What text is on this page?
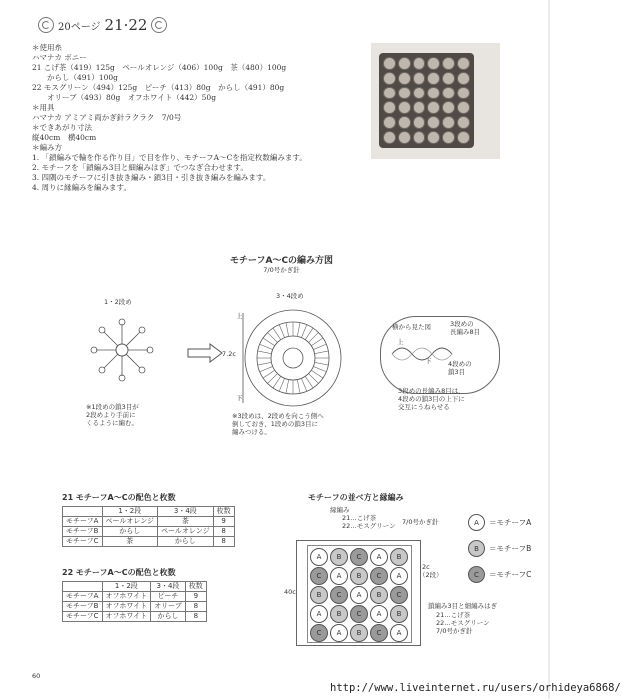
20ページ 21·22
＊使用糸
ハマナカ ボニー
21 こげ茶（419）125g　ペールオレンジ（406）100g　茶（480）100g
　　からし（491）100g
22 モスグリーン（494）125g　ピーチ（413）80g　からし（491）80g
　　オリーブ（493）80g　オフホワイト（442）50g
＊用具
ハマナカ アミアミ両かぎ針ラクラク　7/0号
＊できあがり寸法
縦40cm　横40cm
＊編み方
1. 「鎖編みで輪を作る作り目」で目を作り、モチーフA〜Cを指定枚数編みます。
2. モチーフを「鎖編み3目と細編みはぎ」でつなぎ合わせます。
3. 四隅のモチーフに引き抜き編み・鎖3目・引き抜き編みを編みます。
4. 周りに縁編みを編みます。
モチーフA〜Cの編み方図
7/0号かぎ針
1・2段め
3・4段め
7.2c
上
下
※1段めの鎖3目が
2段めより手前に
くるように編む。
※3段めは、2段めを向こう側へ
倒しておき、1段めの鎖3目に
編みつける。
横から見た図	3段めの
長編み8目
4段めの
鎖3目
上
下
3段めの長編み8目は、
4段めの鎖3目の上下に
交互にうねらせる
21 モチーフA〜Cの配色と枚数
	1・2段	3・4段	枚数
モチーフA	ペールオレンジ	茶	9
モチーフB	からし	ペールオレンジ	8
モチーフC	茶	からし	8
22 モチーフA〜Cの配色と枚数
	1・2段	3・4段	枚数
モチーフA	オフホワイト	ピーチ	9
モチーフB	オフホワイト	オリーブ	8
モチーフC	オフホワイト	からし	8
モチーフの並べ方と縁編み
縁編み
21…こげ茶
22…モスグリーン 7/0号かぎ針
A	B	C	A	B
C	A	B	C	A
B	C	A	B	C
A	B	C	A	B
C	A	B	C	A
2c
（2段）
40c
鎖編み3目と細編みはぎ
21…こげ茶
22…モスグリーン
7/0号かぎ針
A	＝モチーフA
B	＝モチーフB
C	＝モチーフC
60
http://www.liveinternet.ru/users/orhideya6868/
